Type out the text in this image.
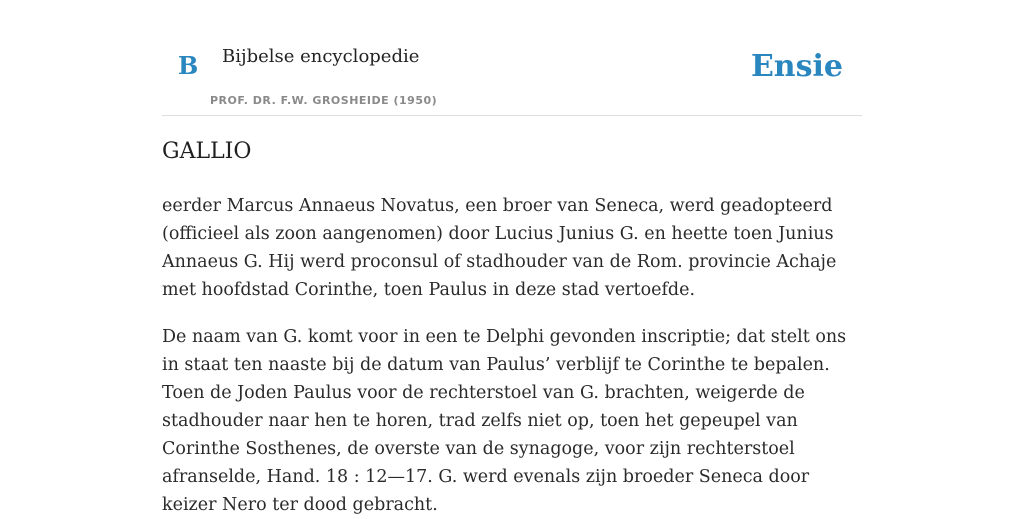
B Bijbelse encyclopedie
PROF. DR. F.W. GROSHEIDE (1950)
Ensie
GALLIO

eerder Marcus Annaeus Novatus, een broer van Seneca, werd geadopteerd (officieel als zoon aangenomen) door Lucius Junius G. en heette toen Junius Annaeus G. Hij werd proconsul of stadhouder van de Rom. provincie Achaje met hoofdstad Corinthe, toen Paulus in deze stad vertoefde.

De naam van G. komt voor in een te Delphi gevonden inscriptie; dat stelt ons in staat ten naaste bij de datum van Paulus’ verblijf te Corinthe te bepalen. Toen de Joden Paulus voor de rechterstoel van G. brachten, weigerde de stadhouder naar hen te horen, trad zelfs niet op, toen het gepeupel van Corinthe Sosthenes, de overste van de synagoge, voor zijn rechterstoel afranselde, Hand. 18 : 12—17. G. werd evenals zijn broeder Seneca door keizer Nero ter dood gebracht.
